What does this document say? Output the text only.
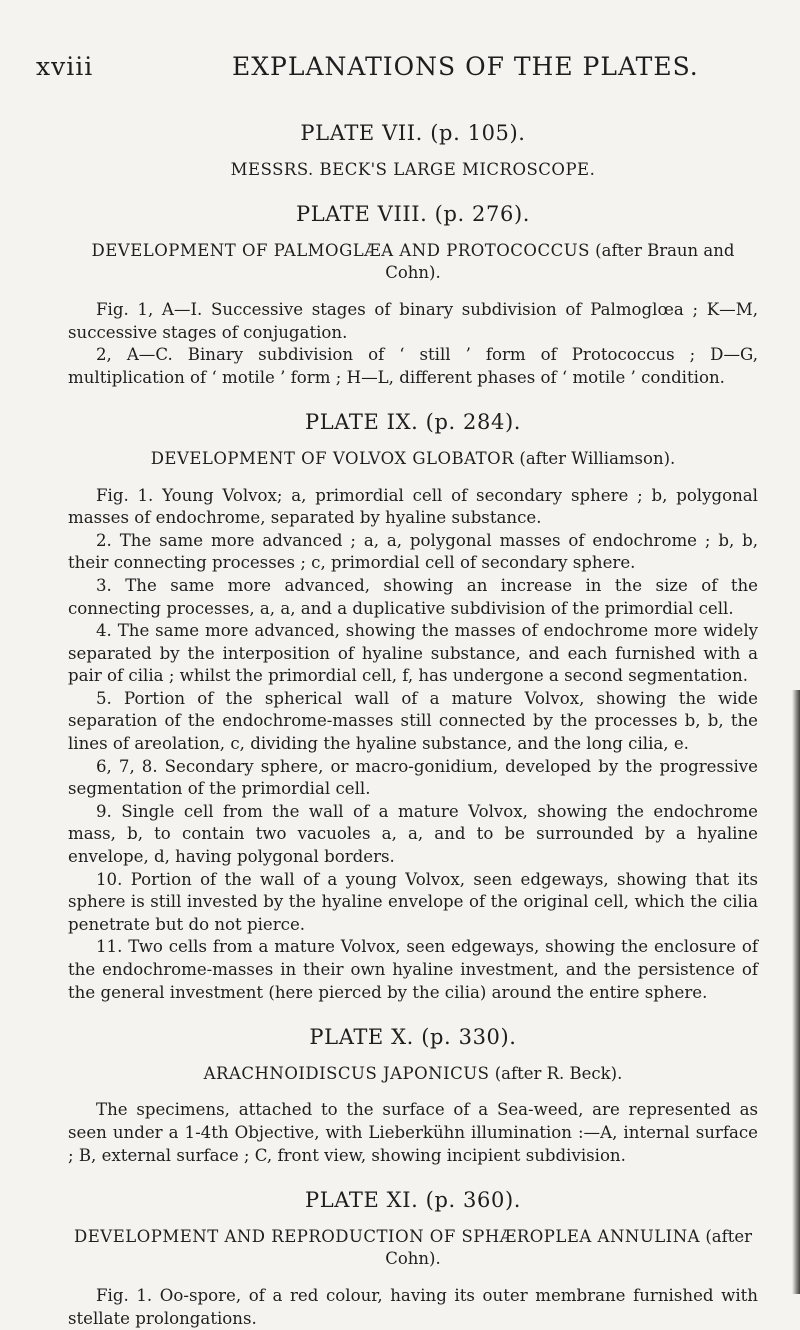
xviii	EXPLANATIONS OF THE PLATES.

PLATE VII. (p. 105).

MESSRS. BECK'S LARGE MICROSCOPE.

PLATE VIII. (p. 276).

DEVELOPMENT OF PALMOGLÆA AND PROTOCOCCUS (after Braun and Cohn).

Fig. 1, A—I. Successive stages of binary subdivision of Palmoglœa ; K—M, successive stages of conjugation.

2, A—C. Binary subdivision of ‘ still ’ form of Protococcus ; D—G, multiplication of ‘ motile ’ form ; H—L, different phases of ‘ motile ’ condition.

PLATE IX. (p. 284).

DEVELOPMENT OF VOLVOX GLOBATOR (after Williamson).

Fig. 1. Young Volvox; a, primordial cell of secondary sphere ; b, polygonal masses of endochrome, separated by hyaline substance.

2. The same more advanced ; a, a, polygonal masses of endochrome ; b, b, their connecting processes ; c, primordial cell of secondary sphere.

3. The same more advanced, showing an increase in the size of the connecting processes, a, a, and a duplicative subdivision of the primordial cell.

4. The same more advanced, showing the masses of endochrome more widely separated by the interposition of hyaline substance, and each furnished with a pair of cilia ; whilst the primordial cell, f, has undergone a second segmentation.

5. Portion of the spherical wall of a mature Volvox, showing the wide separation of the endochrome-masses still connected by the processes b, b, the lines of areolation, c, dividing the hyaline substance, and the long cilia, e.

6, 7, 8. Secondary sphere, or macro-gonidium, developed by the progressive segmentation of the primordial cell.

9. Single cell from the wall of a mature Volvox, showing the endochrome mass, b, to contain two vacuoles a, a, and to be surrounded by a hyaline envelope, d, having polygonal borders.

10. Portion of the wall of a young Volvox, seen edgeways, showing that its sphere is still invested by the hyaline envelope of the original cell, which the cilia penetrate but do not pierce.

11. Two cells from a mature Volvox, seen edgeways, showing the enclosure of the endochrome-masses in their own hyaline investment, and the persistence of the general investment (here pierced by the cilia) around the entire sphere.

PLATE X. (p. 330).

ARACHNOIDISCUS JAPONICUS (after R. Beck).

The specimens, attached to the surface of a Sea-weed, are represented as seen under a 1-4th Objective, with Lieberkühn illumination :—A, internal surface ; B, external surface ; C, front view, showing incipient subdivision.

PLATE XI. (p. 360).

DEVELOPMENT AND REPRODUCTION OF SPHÆROPLEA ANNULINA (after Cohn).

Fig. 1. Oo-spore, of a red colour, having its outer membrane furnished with stellate prolongations.
